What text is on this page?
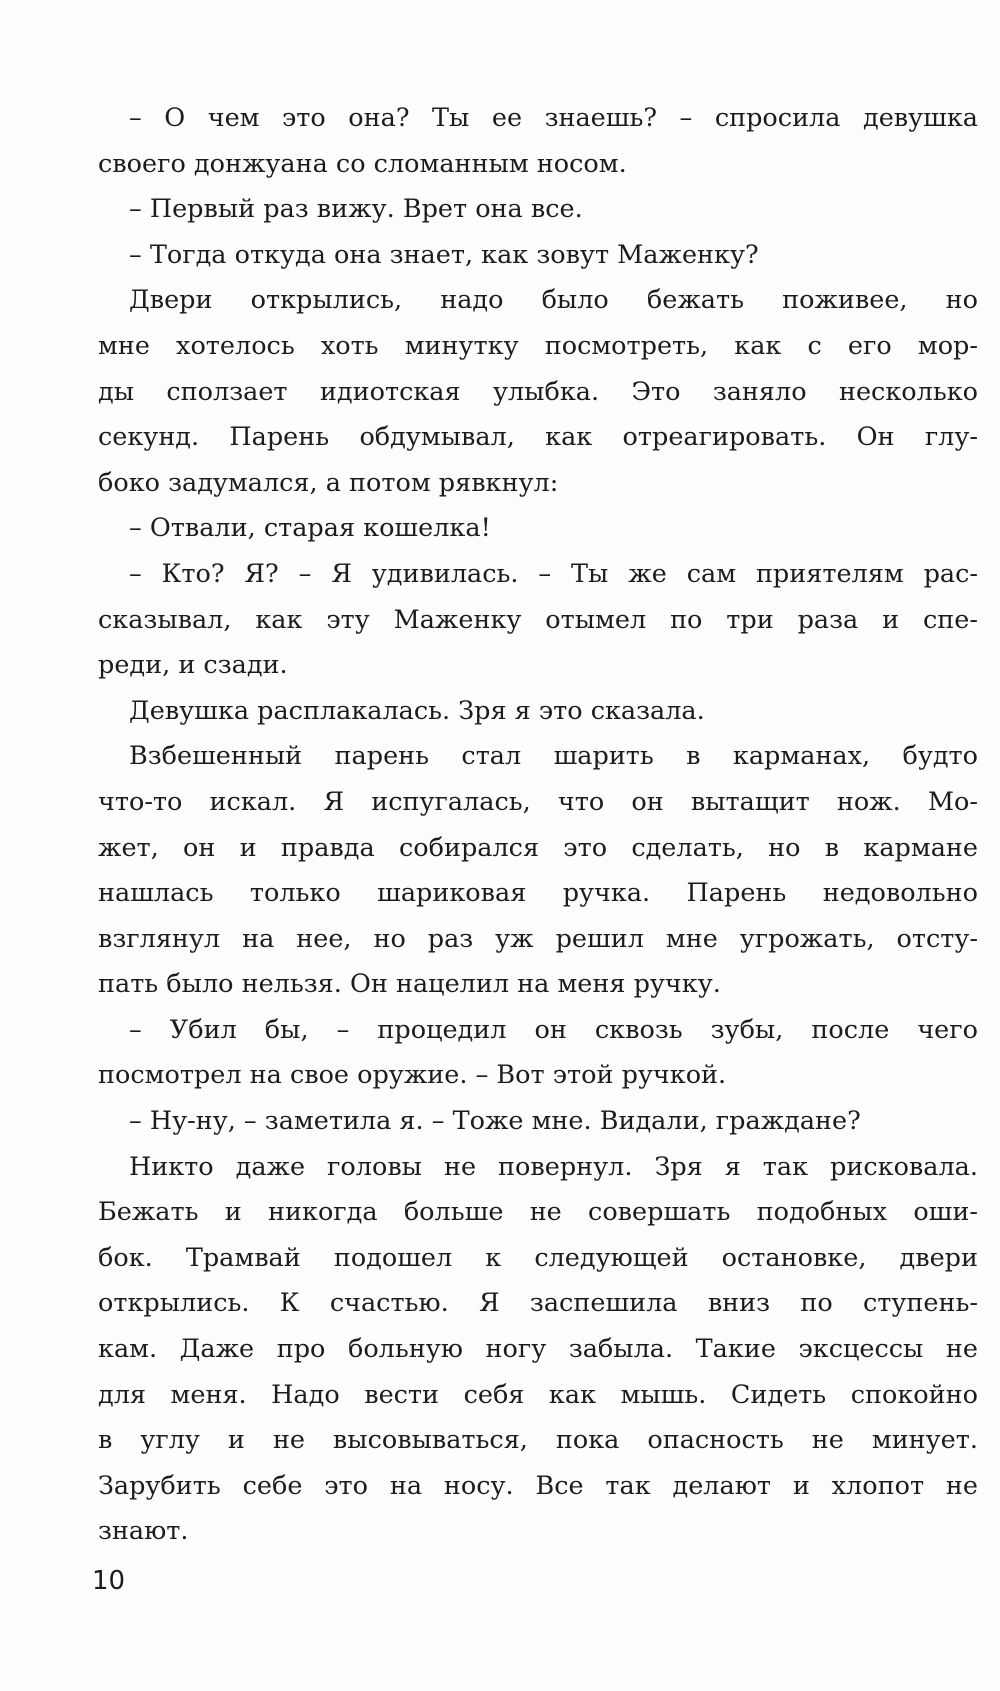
– О чем это она? Ты ее знаешь? – спросила девушка
своего донжуана со сломанным носом.
– Первый раз вижу. Врет она все.
– Тогда откуда она знает, как зовут Маженку?
Двери открылись, надо было бежать поживее, но
мне хотелось хоть минутку посмотреть, как с его мор-
ды сползает идиотская улыбка. Это заняло несколько
секунд. Парень обдумывал, как отреагировать. Он глу-
боко задумался, а потом рявкнул:
– Отвали, старая кошелка!
– Кто? Я? – Я удивилась. – Ты же сам приятелям рас-
сказывал, как эту Маженку отымел по три раза и спе-
реди, и сзади.
Девушка расплакалась. Зря я это сказала.
Взбешенный парень стал шарить в карманах, будто
что-то искал. Я испугалась, что он вытащит нож. Мо-
жет, он и правда собирался это сделать, но в кармане
нашлась только шариковая ручка. Парень недовольно
взглянул на нее, но раз уж решил мне угрожать, отсту-
пать было нельзя. Он нацелил на меня ручку.
– Убил бы, – процедил он сквозь зубы, после чего
посмотрел на свое оружие. – Вот этой ручкой.
– Ну-ну, – заметила я. – Тоже мне. Видали, граждане?
Никто даже головы не повернул. Зря я так рисковала.
Бежать и никогда больше не совершать подобных оши-
бок. Трамвай подошел к следующей остановке, двери
открылись. К счастью. Я заспешила вниз по ступень-
кам. Даже про больную ногу забыла. Такие эксцессы не
для меня. Надо вести себя как мышь. Сидеть спокойно
в углу и не высовываться, пока опасность не минует.
Зарубить себе это на носу. Все так делают и хлопот не
знают.
10
